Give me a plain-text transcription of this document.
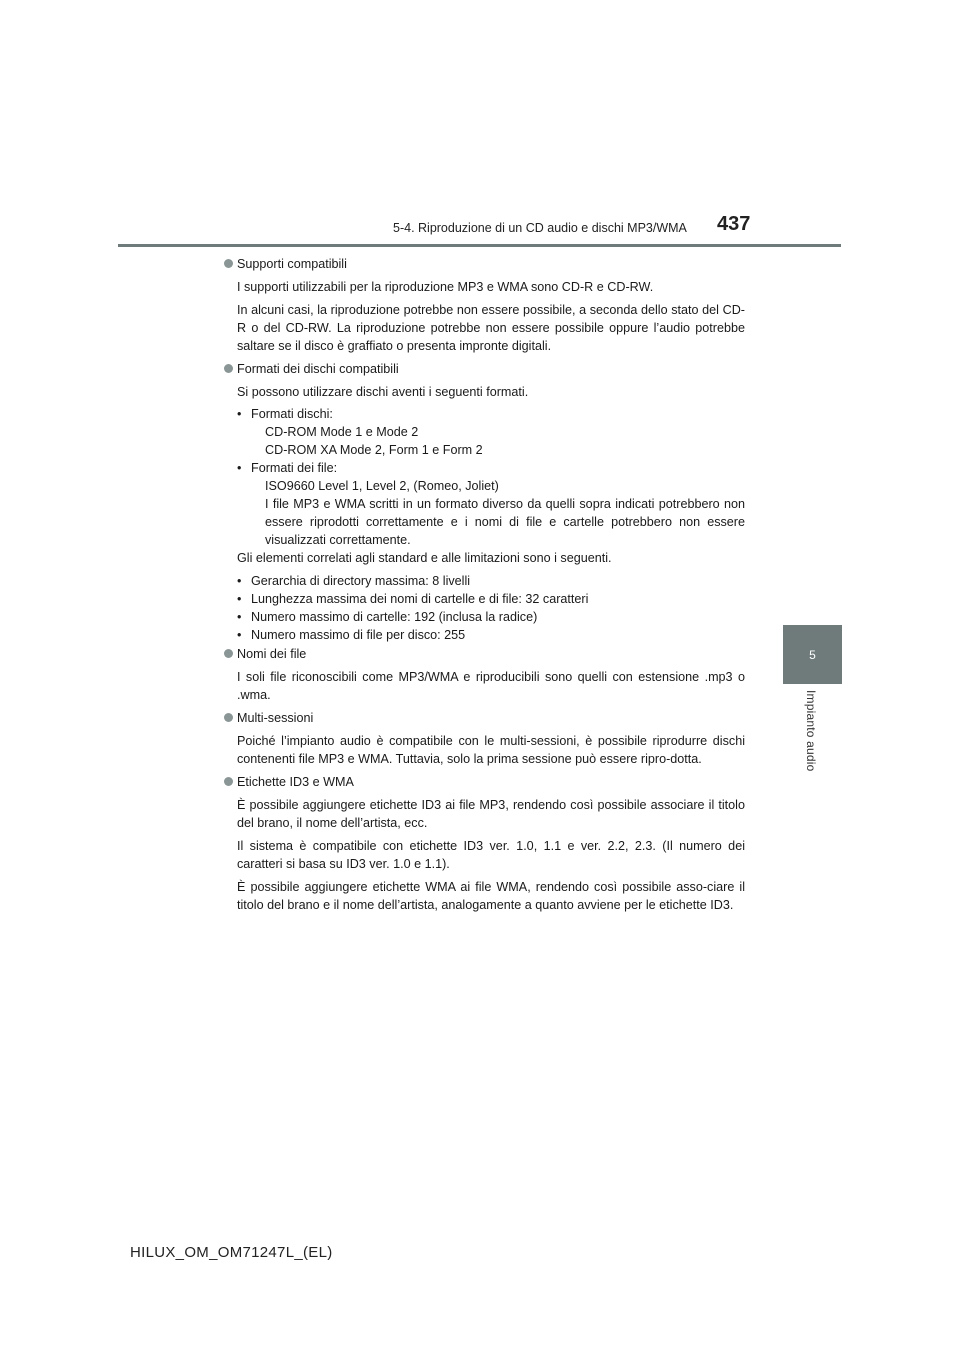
5-4. Riproduzione di un CD audio e dischi MP3/WMA 437
5
Impianto audio
Supporti compatibili
I supporti utilizzabili per la riproduzione MP3 e WMA sono CD-R e CD-RW.
In alcuni casi, la riproduzione potrebbe non essere possibile, a seconda dello stato del CD-R o del CD-RW. La riproduzione potrebbe non essere possibile oppure l’audio potrebbe saltare se il disco è graffiato o presenta impronte digitali.
Formati dei dischi compatibili
Si possono utilizzare dischi aventi i seguenti formati.
• Formati dischi:
CD-ROM Mode 1 e Mode 2
CD-ROM XA Mode 2, Form 1 e Form 2
• Formati dei file:
ISO9660 Level 1, Level 2, (Romeo, Joliet)
I file MP3 e WMA scritti in un formato diverso da quelli sopra indicati potrebbero non essere riprodotti correttamente e i nomi di file e cartelle potrebbero non essere visualizzati correttamente.
Gli elementi correlati agli standard e alle limitazioni sono i seguenti.
• Gerarchia di directory massima: 8 livelli
• Lunghezza massima dei nomi di cartelle e di file: 32 caratteri
• Numero massimo di cartelle: 192 (inclusa la radice)
• Numero massimo di file per disco: 255
Nomi dei file
I soli file riconoscibili come MP3/WMA e riproducibili sono quelli con estensione .mp3 o .wma.
Multi-sessioni
Poiché l’impianto audio è compatibile con le multi-sessioni, è possibile riprodurre dischi contenenti file MP3 e WMA. Tuttavia, solo la prima sessione può essere ripro-dotta.
Etichette ID3 e WMA
È possibile aggiungere etichette ID3 ai file MP3, rendendo così possibile associare il titolo del brano, il nome dell’artista, ecc.
Il sistema è compatibile con etichette ID3 ver. 1.0, 1.1 e ver. 2.2, 2.3. (Il numero dei caratteri si basa su ID3 ver. 1.0 e 1.1).
È possibile aggiungere etichette WMA ai file WMA, rendendo così possibile asso-ciare il titolo del brano e il nome dell’artista, analogamente a quanto avviene per le etichette ID3.
HILUX_OM_OM71247L_(EL)
